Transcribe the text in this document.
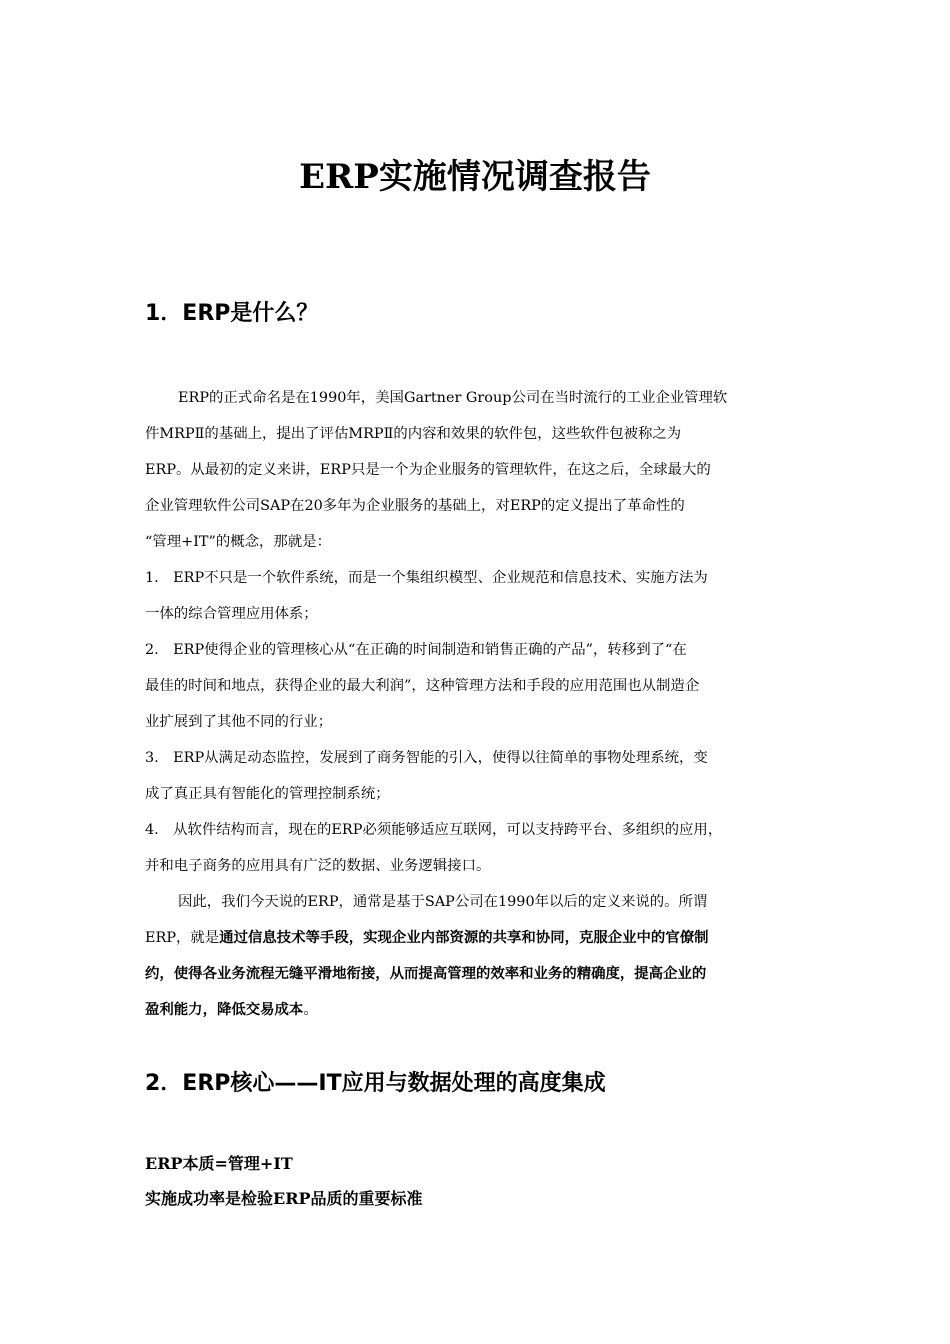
ERP实施情况调查报告
1．ERP是什么？
ERP的正式命名是在1990年，美国Gartner Group公司在当时流行的工业企业管理软
件MRPⅡ的基础上，提出了评估MRPⅡ的内容和效果的软件包，这些软件包被称之为
ERP。从最初的定义来讲，ERP只是一个为企业服务的管理软件，在这之后，全球最大的
企业管理软件公司SAP在20多年为企业服务的基础上，对ERP的定义提出了革命性的
“管理+IT”的概念，那就是：
1.　ERP不只是一个软件系统，而是一个集组织模型、企业规范和信息技术、实施方法为
一体的综合管理应用体系；
2.　ERP使得企业的管理核心从“在正确的时间制造和销售正确的产品”，转移到了“在
最佳的时间和地点，获得企业的最大利润”，这种管理方法和手段的应用范围也从制造企
业扩展到了其他不同的行业；
3.　ERP从满足动态监控，发展到了商务智能的引入，使得以往简单的事物处理系统，变
成了真正具有智能化的管理控制系统；
4.　从软件结构而言，现在的ERP必须能够适应互联网，可以支持跨平台、多组织的应用，
并和电子商务的应用具有广泛的数据、业务逻辑接口。
因此，我们今天说的ERP，通常是基于SAP公司在1990年以后的定义来说的。所谓
ERP，就是通过信息技术等手段，实现企业内部资源的共享和协同，克服企业中的官僚制
约，使得各业务流程无缝平滑地衔接，从而提高管理的效率和业务的精确度，提高企业的
盈利能力，降低交易成本。
2．ERP核心——IT应用与数据处理的高度集成

ERP本质=管理+IT

实施成功率是检验ERP品质的重要标准
